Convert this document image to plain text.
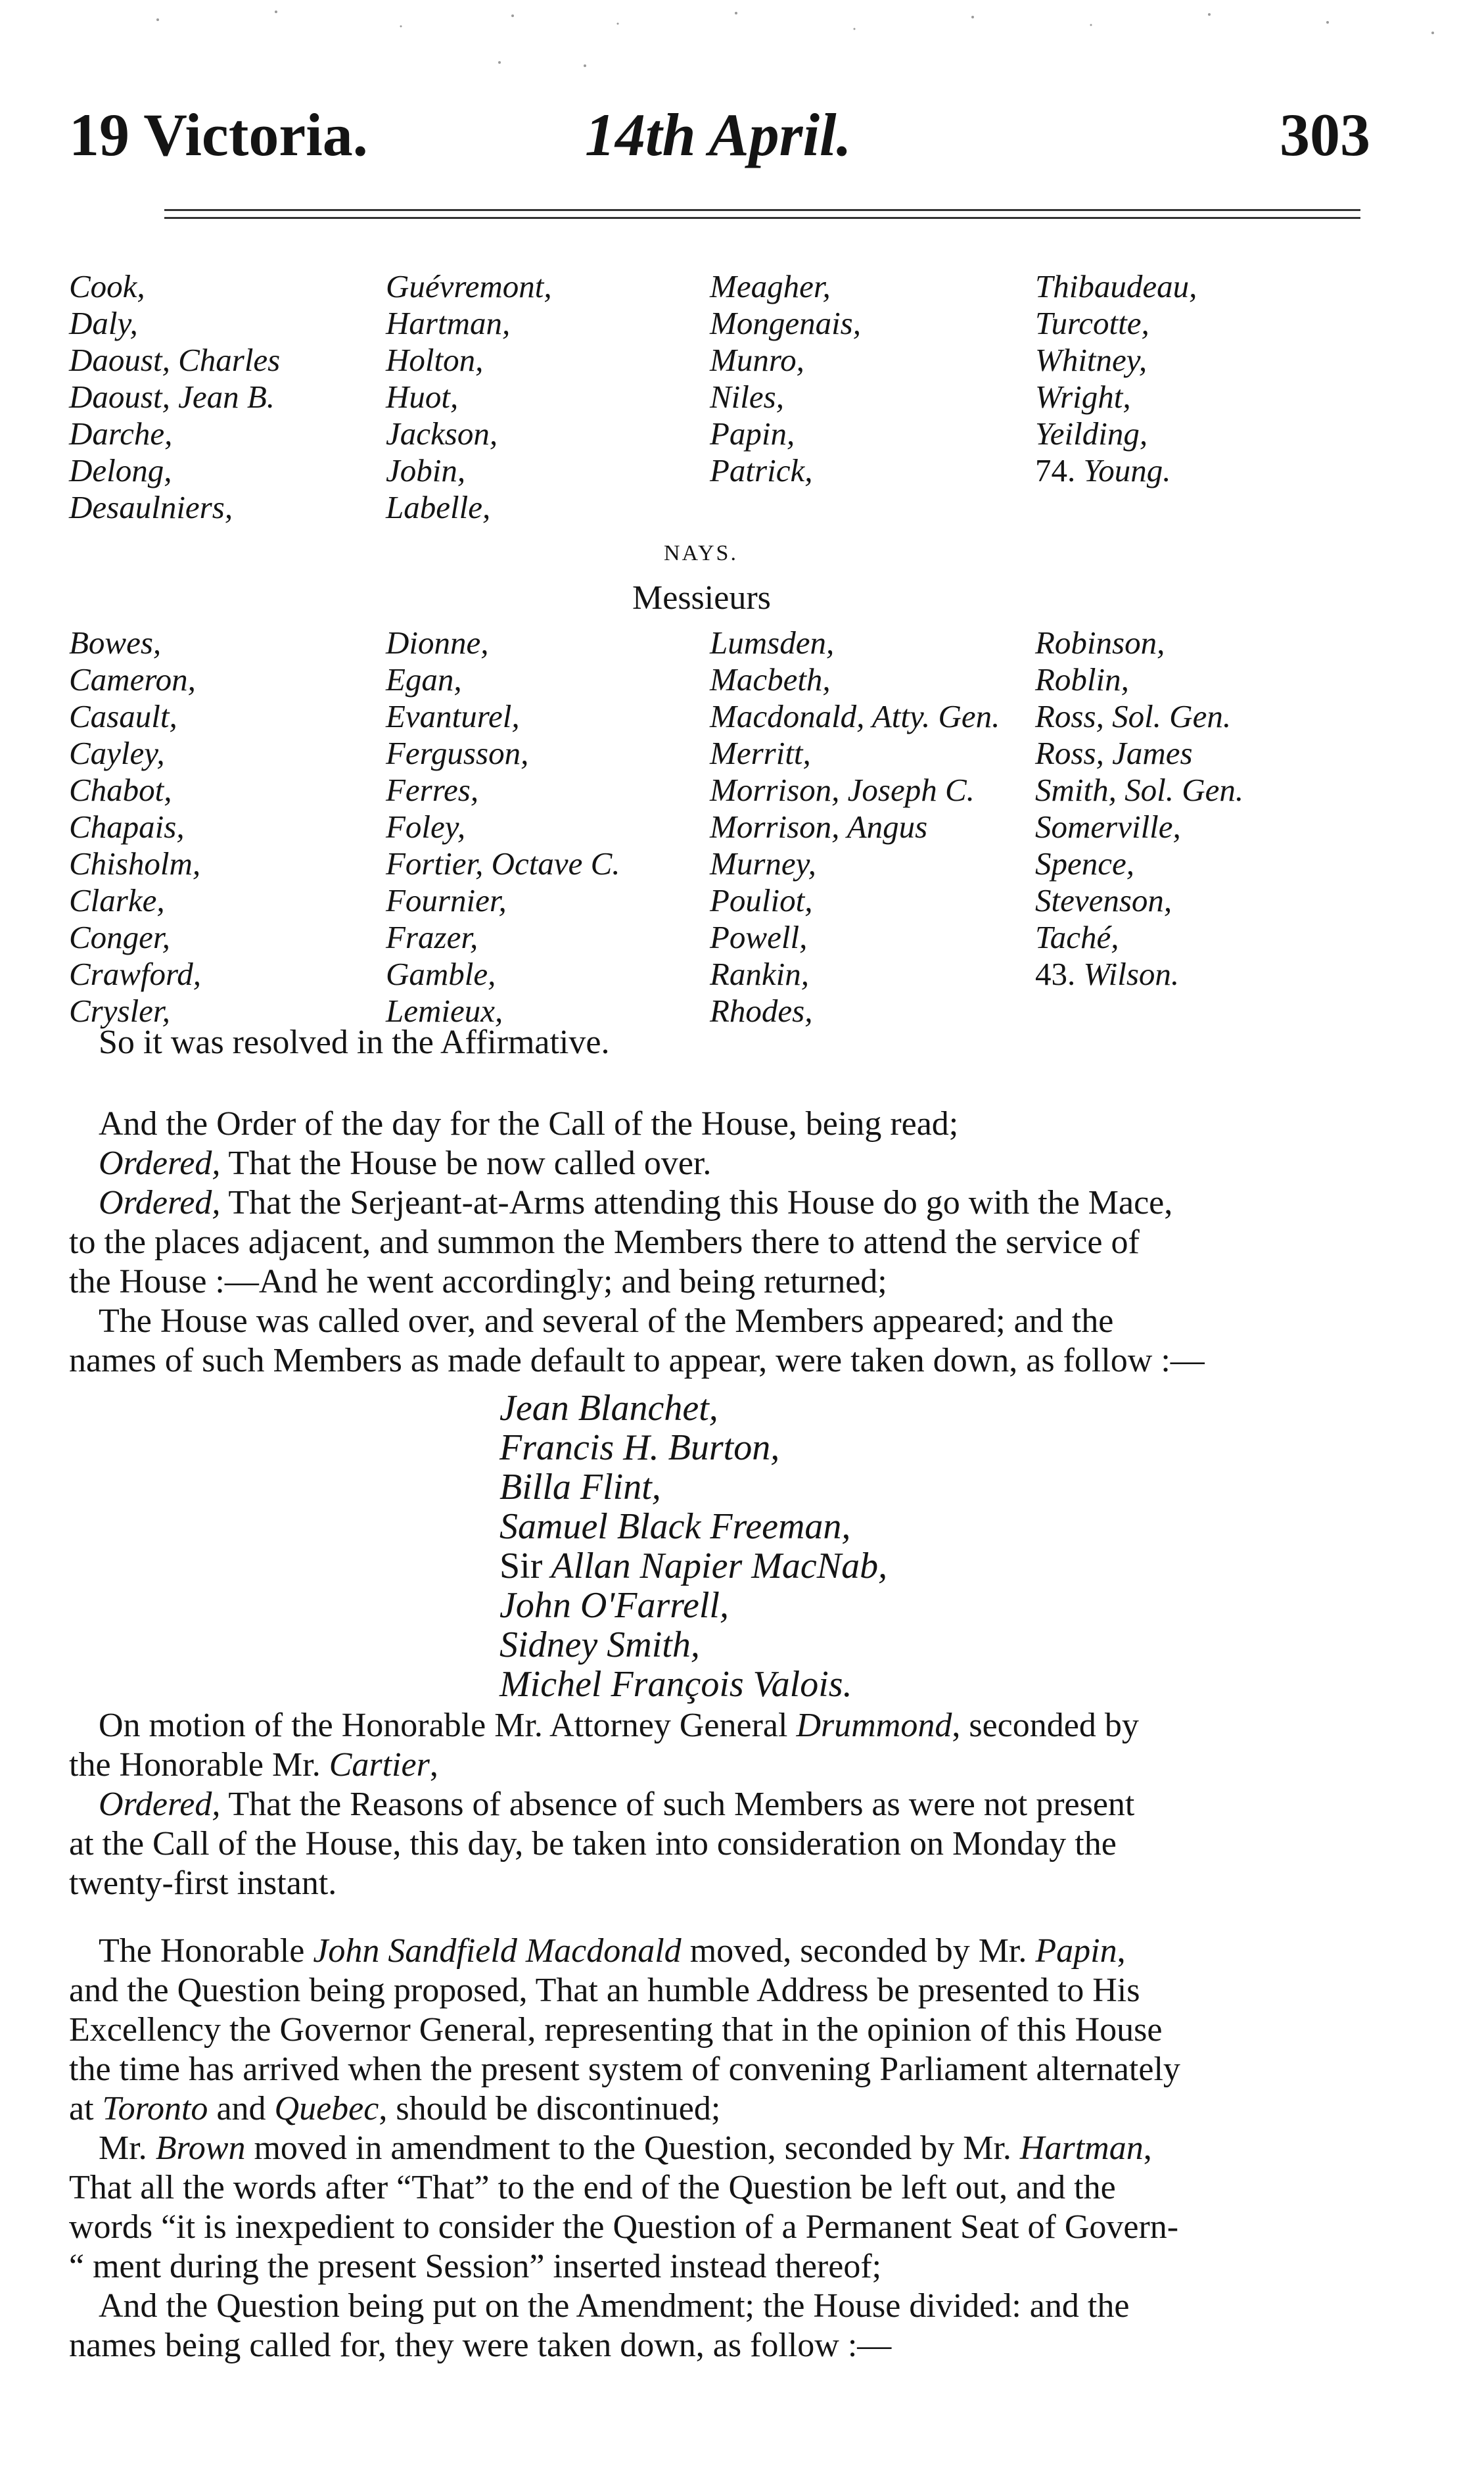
19 Victoria.	14th April.	303
Cook,
Daly,
Daoust, Charles
Daoust, Jean B.
Darche,
Delong,
Desaulniers,
Guévremont,
Hartman,
Holton,
Huot,
Jackson,
Jobin,
Labelle,
Meagher,
Mongenais,
Munro,
Niles,
Papin,
Patrick,
Thibaudeau,
Turcotte,
Whitney,
Wright,
Yeilding,
74. Young.
NAYS.
Messieurs
Bowes,
Cameron,
Casault,
Cayley,
Chabot,
Chapais,
Chisholm,
Clarke,
Conger,
Crawford,
Crysler,
Dionne,
Egan,
Evanturel,
Fergusson,
Ferres,
Foley,
Fortier, Octave C.
Fournier,
Frazer,
Gamble,
Lemieux,
Lumsden,
Macbeth,
Macdonald, Atty. Gen.
Merritt,
Morrison, Joseph C.
Morrison, Angus
Murney,
Pouliot,
Powell,
Rankin,
Rhodes,
Robinson,
Roblin,
Ross, Sol. Gen.
Ross, James
Smith, Sol. Gen.
Somerville,
Spence,
Stevenson,
Taché,
43. Wilson.
So it was resolved in the Affirmative.
And the Order of the day for the Call of the House, being read;
Ordered, That the House be now called over.
Ordered, That the Serjeant-at-Arms attending this House do go with the Mace,
to the places adjacent, and summon the Members there to attend the service of
the House :—And he went accordingly; and being returned;
The House was called over, and several of the Members appeared; and the
names of such Members as made default to appear, were taken down, as follow :—
Jean Blanchet,
Francis H. Burton,
Billa Flint,
Samuel Black Freeman,
Sir Allan Napier MacNab,
John O'Farrell,
Sidney Smith,
Michel François Valois.
On motion of the Honorable Mr. Attorney General Drummond, seconded by
the Honorable Mr. Cartier,
Ordered, That the Reasons of absence of such Members as were not present
at the Call of the House, this day, be taken into consideration on Monday the
twenty-first instant.
The Honorable John Sandfield Macdonald moved, seconded by Mr. Papin,
and the Question being proposed, That an humble Address be presented to His
Excellency the Governor General, representing that in the opinion of this House
the time has arrived when the present system of convening Parliament alternately
at Toronto and Quebec, should be discontinued;
Mr. Brown moved in amendment to the Question, seconded by Mr. Hartman,
That all the words after “That” to the end of the Question be left out, and the
words “it is inexpedient to consider the Question of a Permanent Seat of Govern-
“ ment during the present Session” inserted instead thereof;
And the Question being put on the Amendment; the House divided: and the
names being called for, they were taken down, as follow :—
